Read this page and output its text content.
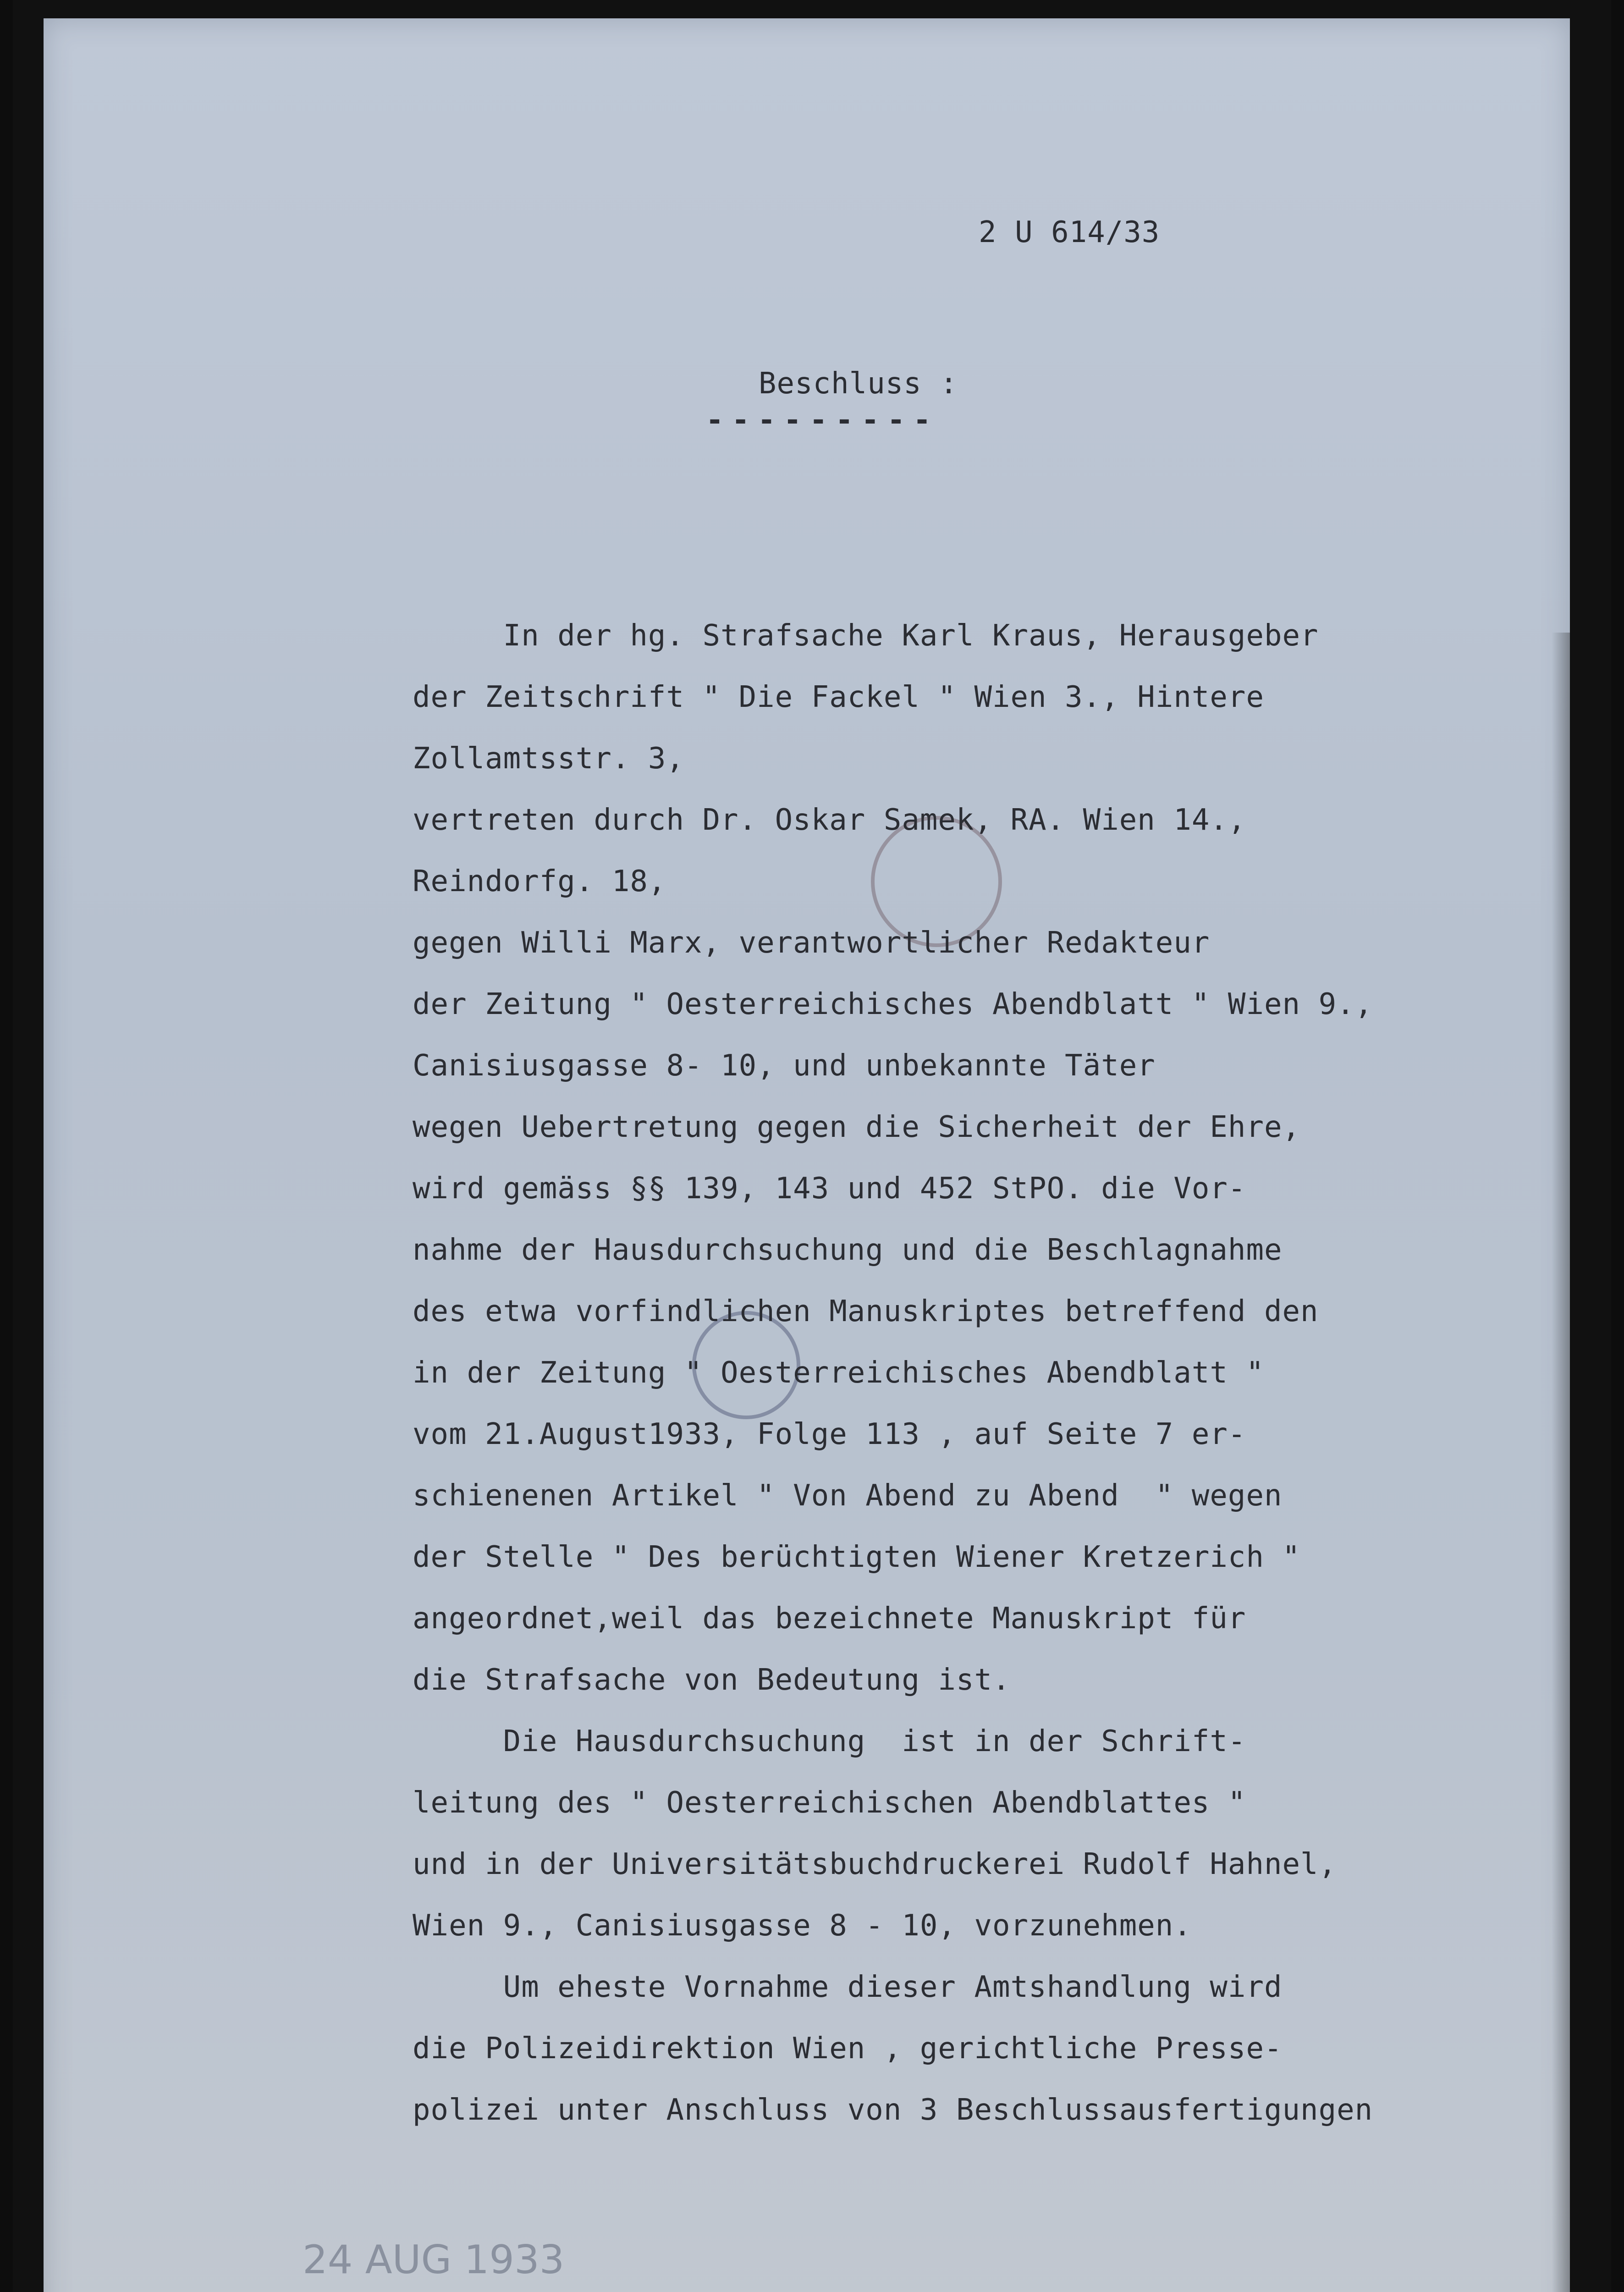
2 U 614/33
Beschluss :
---------
In der hg. Strafsache Karl Kraus, Herausgeber
der Zeitschrift " Die Fackel " Wien 3., Hintere
Zollamtsstr. 3,
vertreten durch Dr. Oskar Samek, RA. Wien 14.,
Reindorfg. 18,
gegen Willi Marx, verantwortlicher Redakteur
der Zeitung " Oesterreichisches Abendblatt " Wien 9.,
Canisiusgasse 8- 10, und unbekannte Täter
wegen Uebertretung gegen die Sicherheit der Ehre,
wird gemäss §§ 139, 143 und 452 StPO. die Vor-
nahme der Hausdurchsuchung und die Beschlagnahme
des etwa vorfindlichen Manuskriptes betreffend den
in der Zeitung " Oesterreichisches Abendblatt "
vom 21.August1933, Folge 113 , auf Seite 7 er-
schienenen Artikel " Von Abend zu Abend  " wegen
der Stelle " Des berüchtigten Wiener Kretzerich "
angeordnet,weil das bezeichnete Manuskript für
die Strafsache von Bedeutung ist.
Die Hausdurchsuchung  ist in der Schrift-
leitung des " Oesterreichischen Abendblattes "
und in der Universitätsbuchdruckerei Rudolf Hahnel,
Wien 9., Canisiusgasse 8 - 10, vorzunehmen.
Um eheste Vornahme dieser Amtshandlung wird
die Polizeidirektion Wien , gerichtliche Presse-
polizei unter Anschluss von 3 Beschlussausfertigungen
24 AUG 1933
